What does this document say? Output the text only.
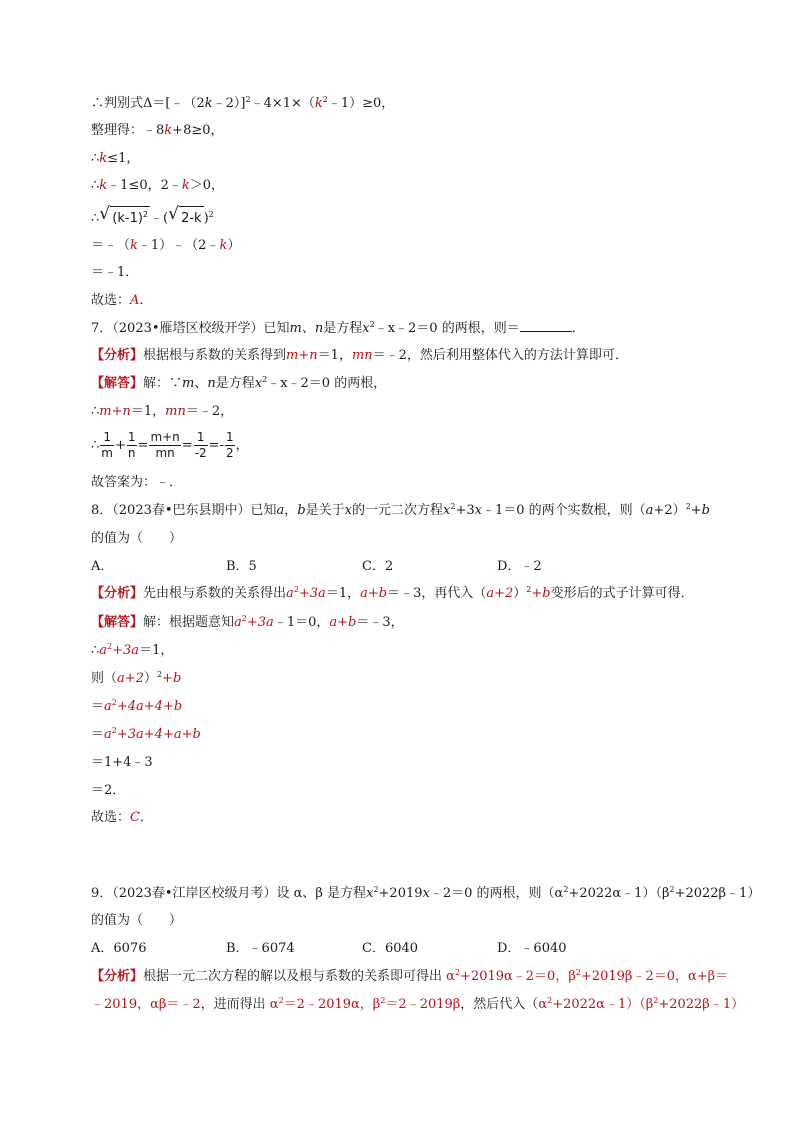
∴判别式$\Delta=[﹣(2k﹣2)]^2﹣4\times 1\times(k^2﹣1)\ge 0$，
整理得：﹣8k+8≥0，
∴k≤1，
∴k﹣1≤0，2﹣k＞0，
∴ √ $(k-1)^2$ ﹣( √ 2-k )$^2$
＝﹣（k﹣1）﹣（2﹣k）
＝﹣1．
故选：A．
7．（2023•雁塔区校级开学）已知m、n是方程$x^2﹣x﹣2=0$ 的两根，则＝	．
【分析】根据根与系数的关系得到m+n＝1，mn＝﹣2，然后利用整体代入的方法计算即可．
【解答】解：∵m、n是方程$x^2﹣x﹣2=0$ 的两根，
∴m+n＝1，mn＝﹣2，
∴ $\frac{1}{m} + \frac{1}{n} = \frac{m+n}{mn} = \frac{1}{-2} =- \frac{1}{2}$ ，
故答案为：﹣．
8．（2023春•巴东县期中）已知a，b是关于x的一元二次方程$x^2+3x﹣1=0$ 的两个实数根，则$(a+2)^2+b$
的值为（　　）
A．	B．5	C．2	D．﹣2
【分析】先由根与系数的关系得出$a^2+3a=1$，a+b＝﹣3，再代入$(a+2)^2+b$变形后的式子计算可得．
【解答】解：根据题意知$a^2+3a﹣1=0$，a+b＝﹣3，
$\therefore a^2+3a=1$，
则$(a+2)^2+b$
$=a^2+4a+4+b$
$=a^2+3a+4+a+b$
＝1+4﹣3
＝2．
故选：C．
9．（2023春•江岸区校级月考）设 α、β 是方程$x^2+2019x﹣2=0$ 的两根，则$(\alpha^2+2022\alpha﹣1)(\beta^2+2022\beta﹣1)$
的值为（　　）
A．6076	B．﹣6074	C．6040	D．﹣6040
【分析】根据一元二次方程的解以及根与系数的关系即可得出 $\alpha^2+2019\alpha﹣2=0$，$\beta^2+2019\beta﹣2=0$，α+β＝
﹣2019，αβ＝﹣2，进而得出 $\alpha^2=2﹣2019\alpha$，$\beta^2=2﹣2019\beta$，然后代入$(\alpha^2+2022\alpha﹣1)(\beta^2+2022\beta﹣1)$
